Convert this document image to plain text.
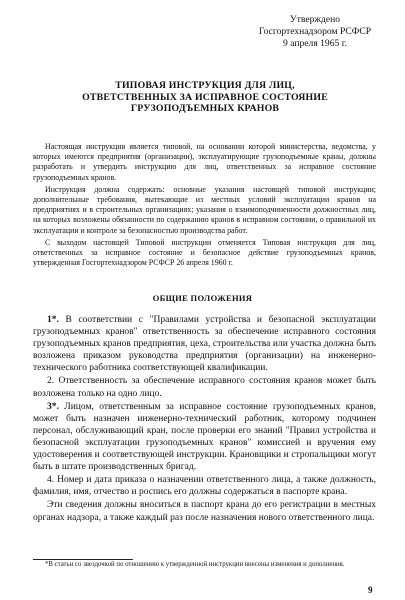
Утверждено
Госгортехнадзором РСФСР
9 апреля 1965 г.
ТИПОВАЯ ИНСТРУКЦИЯ ДЛЯ ЛИЦ,
ОТВЕТСТВЕННЫХ ЗА ИСПРАВНОЕ СОСТОЯНИЕ
ГРУЗОПОДЪЕМНЫХ КРАНОВ

Настоящая инструкция является типовой, на основании которой министерства, ведомства, у которых имеются предприятия (организации), эксплуатирующие грузоподъемные краны, должны разработать и утвердить инструкцию для лиц, ответственных за исправное состояние грузоподъемных кранов.

Инструкция должна содержать: основные указания настоящей типовой инструкции; дополнительные требования, вытекающие из местных условий эксплуатации кранов на предприятиях и в строительных организациях; указания о взаимоподчиненности должностных лиц, на которых возложены обязанности по содержанию кранов в исправном состоянии, о правильной их эксплуатации и контроле за безопасностью производства работ.

С выходом настоящей Типовой инструкции отменяется Типовая инструкция для лиц, ответственных за исправное состояние и безопасное действие грузоподъемных кранов, утвержденная Госгортехнадзором РСФСР 26 апреля 1960 г.

ОБЩИЕ ПОЛОЖЕНИЯ

1*. В соответствии с "Правилами устройства и безопасной эксплуатации грузоподъемных кранов" ответственность за обеспечение исправного состояния грузоподъемных кранов предприятия, цеха, строительства или участка должна быть возложена приказом руководства предприятия (организации) на инженерно-технического работника соответствующей квалификации.

2. Ответственность за обеспечение исправного состояния кранов может быть возложена только на одно лицо.

3*. Лицом, ответственным за исправное состояние грузоподъемных кранов, может быть назначен инженерно-технический работник, которому подчинен персонал, обслуживающий кран, после проверки его знаний "Правил устройства и безопасной эксплуатации грузоподъемных кранов" комиссией и вручения ему удостоверения и соответствующей инструкции. Крановщики и стропальщики могут быть в штате производственных бригад.

4. Номер и дата приказа о назначении ответственного лица, а также должность, фамилия, имя, отчество и роспись его должны содержаться в паспорте крана.

Эти сведения должны вноситься в паспорт крана до его регистрации в местных органах надзора, а также каждый раз после назначения нового ответственного лица.

*В статьи со звездочкой по отношению к утвержденной инструкции внесены изменения и дополнения.

9
